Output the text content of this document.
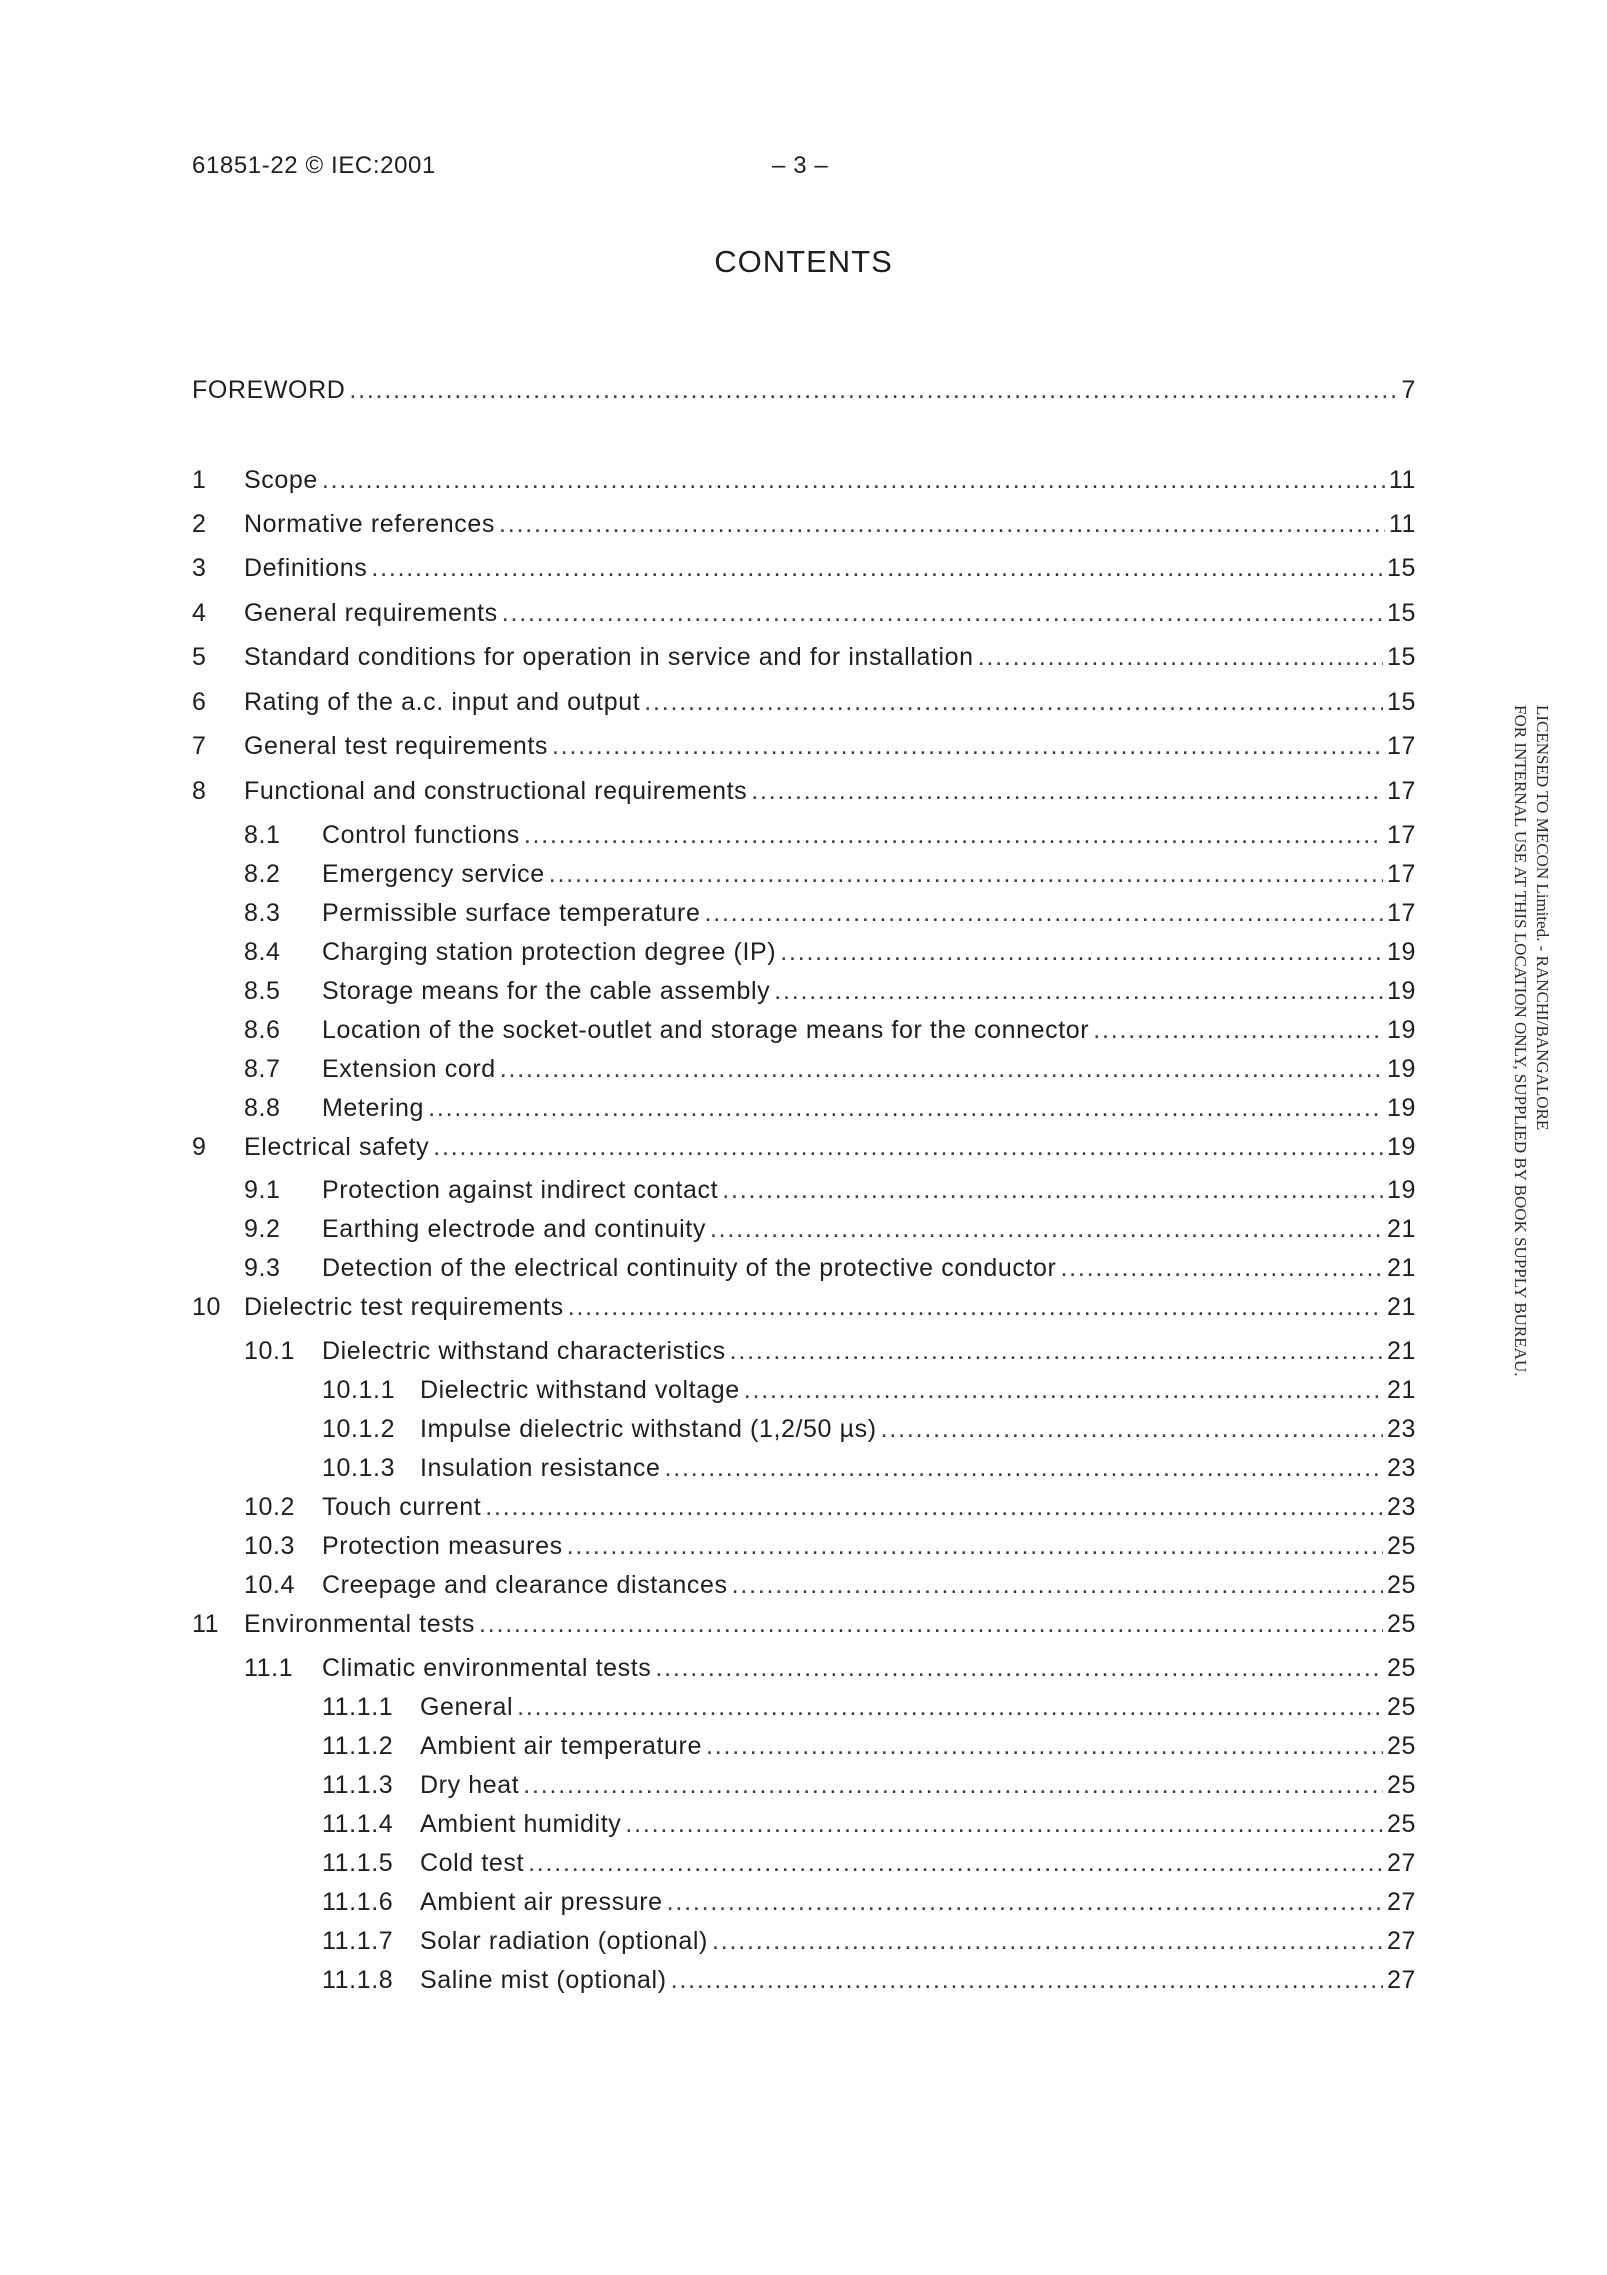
61851-22 © IEC:2001	– 3 –
CONTENTS
FOREWORD .....	7
1 Scope .....	11
2 Normative references .....	11
3 Definitions .....	15
4 General requirements .....	15
5 Standard conditions for operation in service and for installation .....	15
6 Rating of the a.c. input and output .....	15
7 General test requirements .....	17
8 Functional and constructional requirements .....	17
8.1 Control functions .....	17
8.2 Emergency service .....	17
8.3 Permissible surface temperature .....	17
8.4 Charging station protection degree (IP) .....	19
8.5 Storage means for the cable assembly .....	19
8.6 Location of the socket-outlet and storage means for the connector .....	19
8.7 Extension cord .....	19
8.8 Metering .....	19
9 Electrical safety .....	19
9.1 Protection against indirect contact .....	19
9.2 Earthing electrode and continuity .....	21
9.3 Detection of the electrical continuity of the protective conductor .....	21
10 Dielectric test requirements .....	21
10.1 Dielectric withstand characteristics .....	21
10.1.1 Dielectric withstand voltage .....	21
10.1.2 Impulse dielectric withstand (1,2/50 µs) .....	23
10.1.3 Insulation resistance .....	23
10.2 Touch current .....	23
10.3 Protection measures .....	25
10.4 Creepage and clearance distances .....	25
11 Environmental tests .....	25
11.1 Climatic environmental tests .....	25
11.1.1 General .....	25
11.1.2 Ambient air temperature .....	25
11.1.3 Dry heat .....	25
11.1.4 Ambient humidity .....	25
11.1.5 Cold test .....	27
11.1.6 Ambient air pressure .....	27
11.1.7 Solar radiation (optional) .....	27
11.1.8 Saline mist (optional) .....	27
LICENSED TO MECON Limited. - RANCHI/BANGALORE
FOR INTERNAL USE AT THIS LOCATION ONLY, SUPPLIED BY BOOK SUPPLY BUREAU.
